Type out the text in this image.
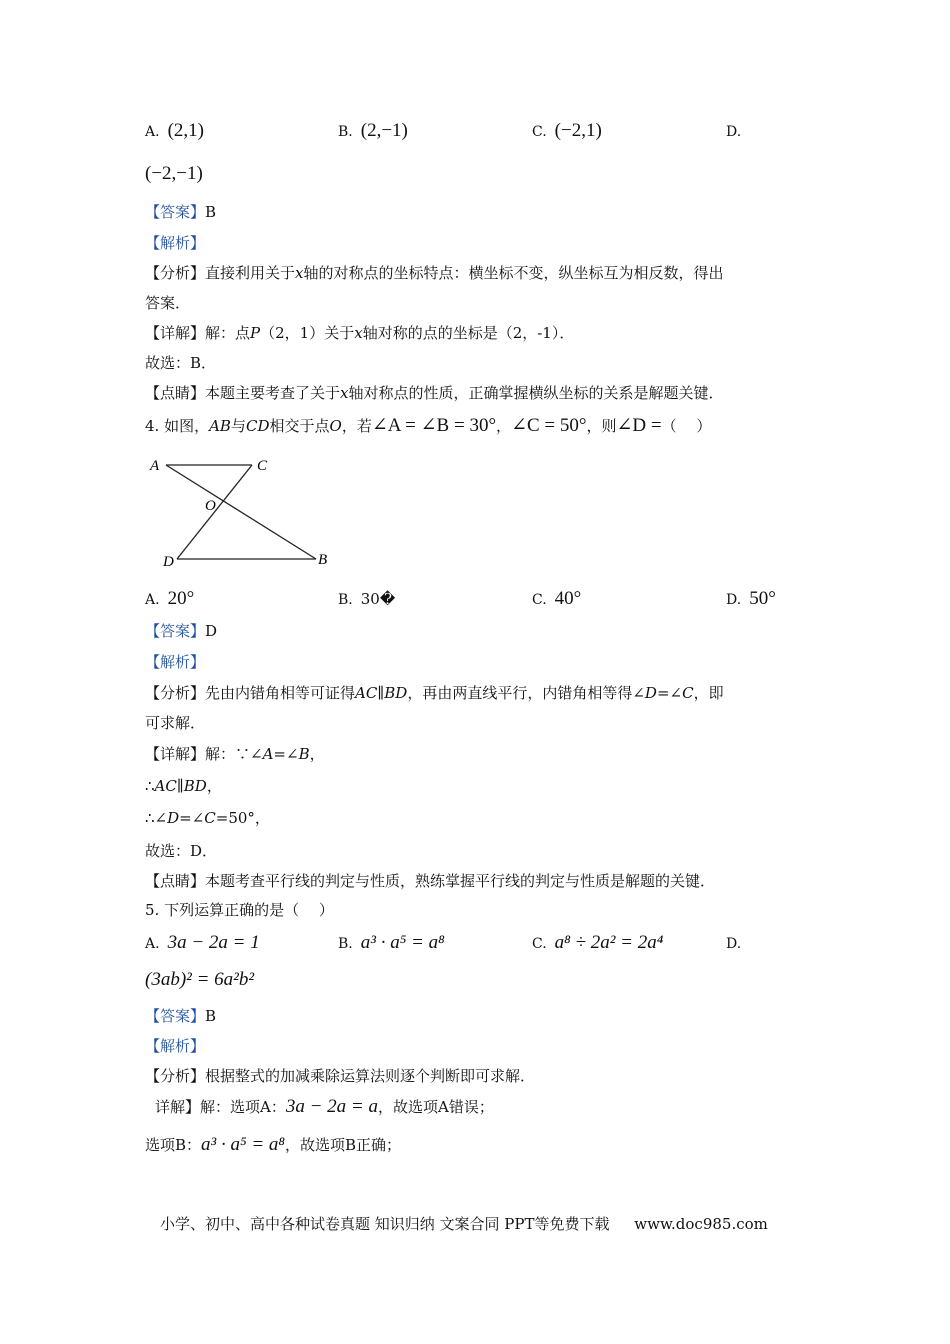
A. (2,1)	B. (2,−1)	C. (−2,1)	D.
(−2,−1)
【答案】B
【解析】
【分析】直接利用关于x轴的对称点的坐标特点：横坐标不变，纵坐标互为相反数，得出
答案．
【详解】解：点P（2，1）关于x轴对称的点的坐标是（2，-1）．
故选：B．
【点睛】本题主要考查了关于x轴对称点的性质，正确掌握横纵坐标的关系是解题关键．
4. 如图，AB与CD相交于点O，若∠A = ∠B = 30°，∠C = 50°，则∠D =（　 ）
A	C
O
D	B
A. 20°	B. 30�	C. 40°	D. 50°
【答案】D
【解析】
【分析】先由内错角相等可证得AC∥BD，再由两直线平行，内错角相等得∠D=∠C，即
可求解．
【详解】解：∵∠A=∠B，
∴AC∥BD，
∴∠D=∠C=50°，
故选：D．
【点睛】本题考查平行线的判定与性质，熟练掌握平行线的判定与性质是解题的关键．
5. 下列运算正确的是（　 ）
A. 3a − 2a = 1	B. a³ · a⁵ = a⁸	C. a⁸ ÷ 2a² = 2a⁴	D.
(3ab)² = 6a²b²
【答案】B
【解析】
【分析】根据整式的加减乘除运算法则逐个判断即可求解．
详解】解：选项A：3a − 2a = a，故选项A错误；
选项B：a³ · a⁵ = a⁸，故选项B正确；
小学、初中、高中各种试卷真题 知识归纳 文案合同 PPT等免费下载 www.doc985.com
